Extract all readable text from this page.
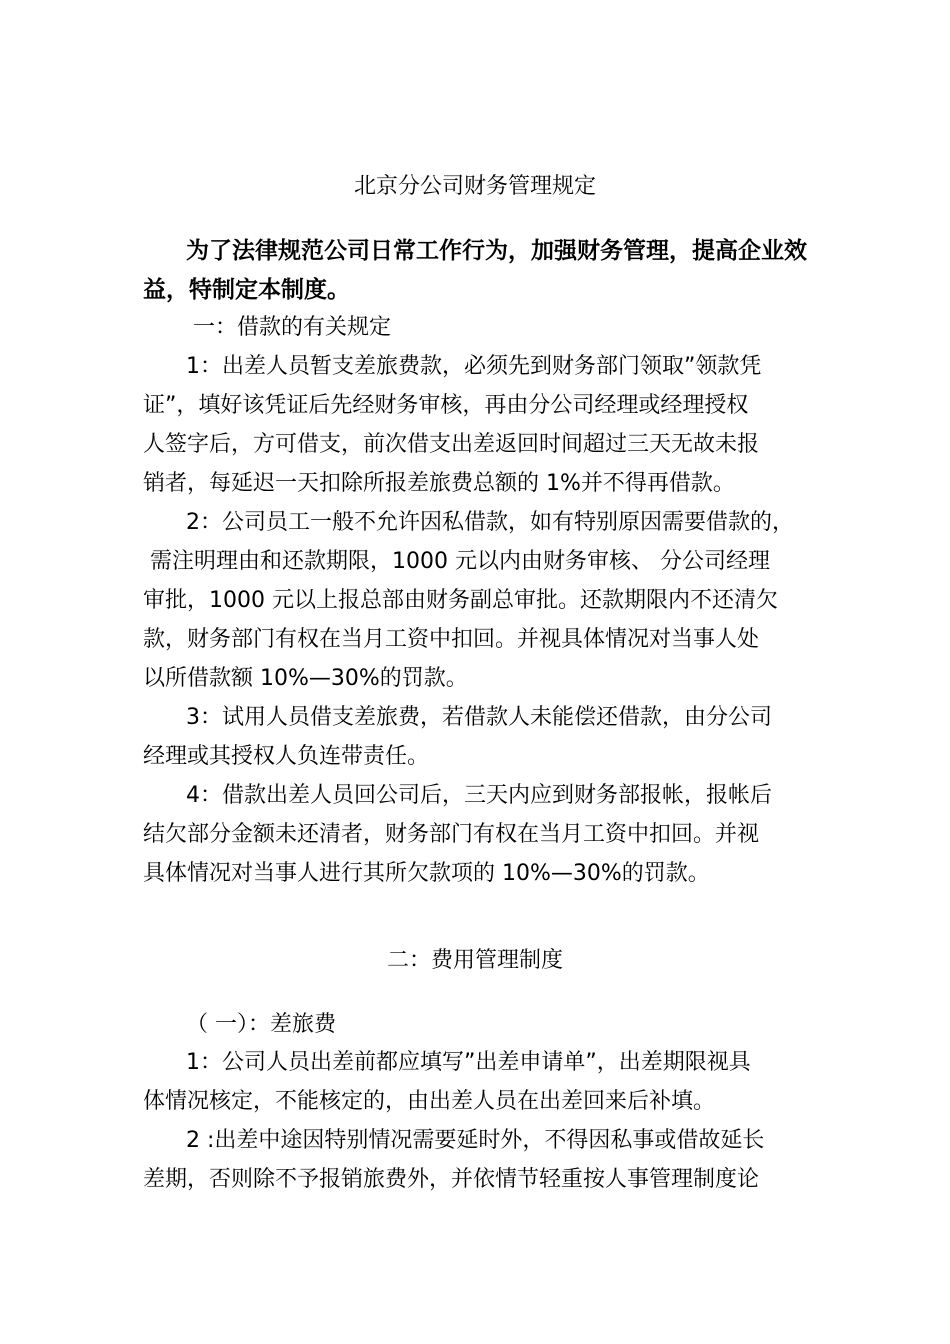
北京分公司财务管理规定
为了法律规范公司日常工作行为，加强财务管理，提高企业效
益，特制定本制度。
一：借款的有关规定
1：出差人员暂支差旅费款，必须先到财务部门领取”领款凭
证”，填好该凭证后先经财务审核，再由分公司经理或经理授权
人签字后，方可借支，前次借支出差返回时间超过三天无故未报
销者，每延迟一天扣除所报差旅费总额的 1%并不得再借款。
2：公司员工一般不允许因私借款，如有特别原因需要借款的，
需注明理由和还款期限，1000 元以内由财务审核、 分公司经理
审批，1000 元以上报总部由财务副总审批。还款期限内不还清欠
款，财务部门有权在当月工资中扣回。并视具体情况对当事人处
以所借款额 10%—30%的罚款。
3：试用人员借支差旅费，若借款人未能偿还借款，由分公司
经理或其授权人负连带责任。
4：借款出差人员回公司后，三天内应到财务部报帐，报帐后
结欠部分金额未还清者，财务部门有权在当月工资中扣回。并视
具体情况对当事人进行其所欠款项的 10%—30%的罚款。
二：费用管理制度
（ 一）：差旅费
1：公司人员出差前都应填写”出差申请单”，出差期限视具
体情况核定，不能核定的，由出差人员在出差回来后补填。
2 :出差中途因特别情况需要延时外，不得因私事或借故延长
差期，否则除不予报销旅费外，并依情节轻重按人事管理制度论
